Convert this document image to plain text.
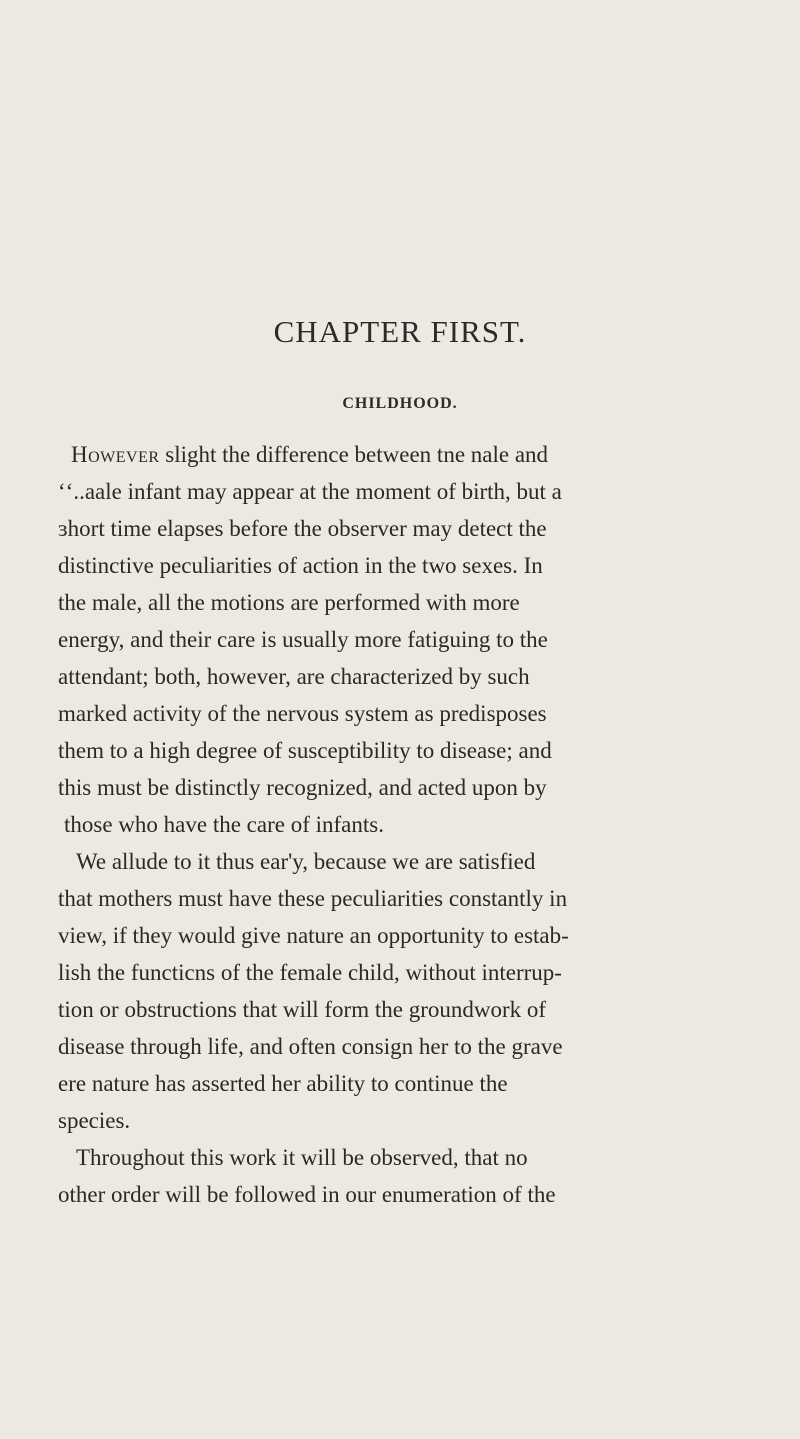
CHAPTER FIRST.
CHILDHOOD.
However slight the difference between tne nale and
ʻʻ..aale infant may appear at the moment of birth, but a
ɜhort time elapses before the observer may detect the
distinctive peculiarities of action in the two sexes. In
the male, all the motions are performed with more
energy, and their care is usually more fatiguing to the
attendant; both, however, are characterized by such
marked activity of the nervous system as predisposes
them to a high degree of susceptibility to disease; and
this must be distinctly recognized, and acted upon by
those who have the care of infants.
We allude to it thus ear'y, because we are satisfied
that mothers must have these peculiarities constantly in
view, if they would give nature an opportunity to estab-
lish the functicns of the female child, without interrup-
tion or obstructions that will form the groundwork of
disease through life, and often consign her to the grave
ere nature has asserted her ability to continue the
species.
Throughout this work it will be observed, that no
other order will be followed in our enumeration of the
